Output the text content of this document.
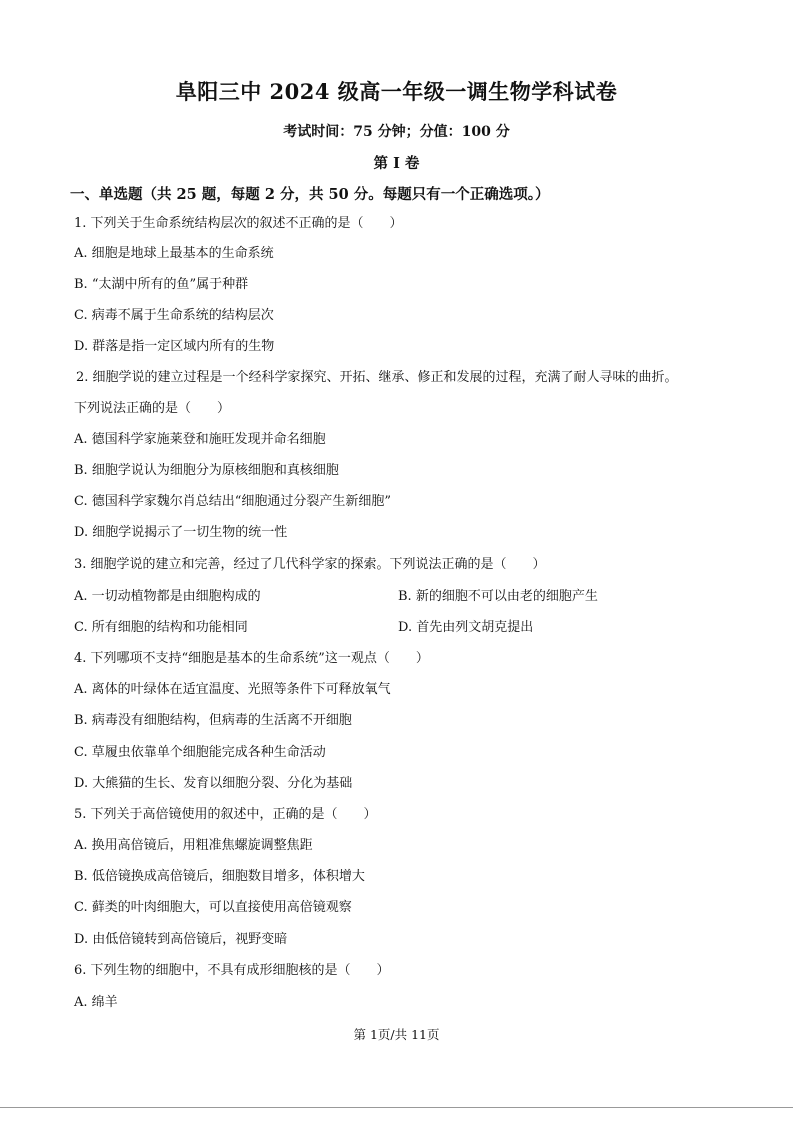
阜阳三中 2024 级高一年级一调生物学科试卷
考试时间：75 分钟；分值：100 分
第 I 卷
一、单选题（共 25 题，每题 2 分，共 50 分。每题只有一个正确选项。）
1. 下列关于生命系统结构层次的叙述不正确的是（　　）
A. 细胞是地球上最基本的生命系统
B. “太湖中所有的鱼”属于种群
C. 病毒不属于生命系统的结构层次
D. 群落是指一定区域内所有的生物
2. 细胞学说的建立过程是一个经科学家探究、开拓、继承、修正和发展的过程，充满了耐人寻味的曲折。
下列说法正确的是（　　）
A. 德国科学家施莱登和施旺发现并命名细胞
B. 细胞学说认为细胞分为原核细胞和真核细胞
C. 德国科学家魏尔肖总结出“细胞通过分裂产生新细胞”
D. 细胞学说揭示了一切生物的统一性
3. 细胞学说的建立和完善，经过了几代科学家的探索。下列说法正确的是（　　）
A. 一切动植物都是由细胞构成的	B. 新的细胞不可以由老的细胞产生
C. 所有细胞的结构和功能相同	D. 首先由列文胡克提出
4. 下列哪项不支持“细胞是基本的生命系统”这一观点（　　）
A. 离体的叶绿体在适宜温度、光照等条件下可释放氧气
B. 病毒没有细胞结构，但病毒的生活离不开细胞
C. 草履虫依靠单个细胞能完成各种生命活动
D. 大熊猫的生长、发育以细胞分裂、分化为基础
5. 下列关于高倍镜使用的叙述中，正确的是（　　）
A. 换用高倍镜后，用粗准焦螺旋调整焦距
B. 低倍镜换成高倍镜后，细胞数目增多，体积增大
C. 藓类的叶肉细胞大，可以直接使用高倍镜观察
D. 由低倍镜转到高倍镜后，视野变暗
6. 下列生物的细胞中，不具有成形细胞核的是（　　）
A. 绵羊
第 1页/共 11页
